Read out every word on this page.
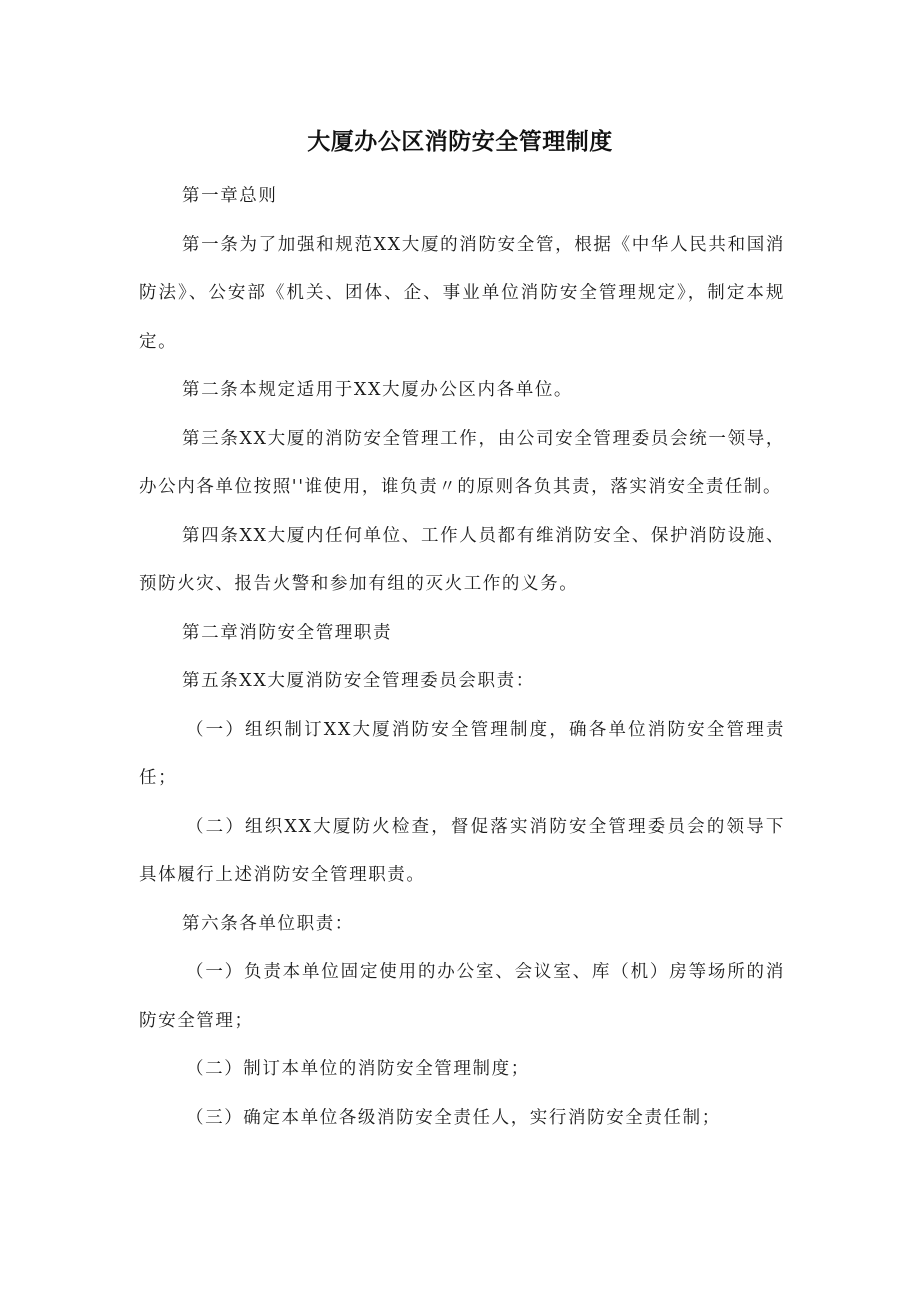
大厦办公区消防安全管理制度

第一章总则

第一条为了加强和规范XX大厦的消防安全管，根据《中华人民共和国消防法》、公安部《机关、团体、企、事业单位消防安全管理规定》，制定本规定。

第二条本规定适用于XX大厦办公区内各单位。

第三条XX大厦的消防安全管理工作，由公司安全管理委员会统一领导，办公内各单位按照''谁使用，谁负责〃的原则各负其责，落实消安全责任制。

第四条XX大厦内任何单位、工作人员都有维消防安全、保护消防设施、预防火灾、报告火警和参加有组的灭火工作的义务。

第二章消防安全管理职责

第五条XX大厦消防安全管理委员会职责：

（一）组织制订XX大厦消防安全管理制度，确各单位消防安全管理责任；

（二）组织XX大厦防火检查，督促落实消防安全管理委员会的领导下具体履行上述消防安全管理职责。

第六条各单位职责：

（一）负责本单位固定使用的办公室、会议室、库（机）房等场所的消防安全管理；

（二）制订本单位的消防安全管理制度；

（三）确定本单位各级消防安全责任人，实行消防安全责任制；
